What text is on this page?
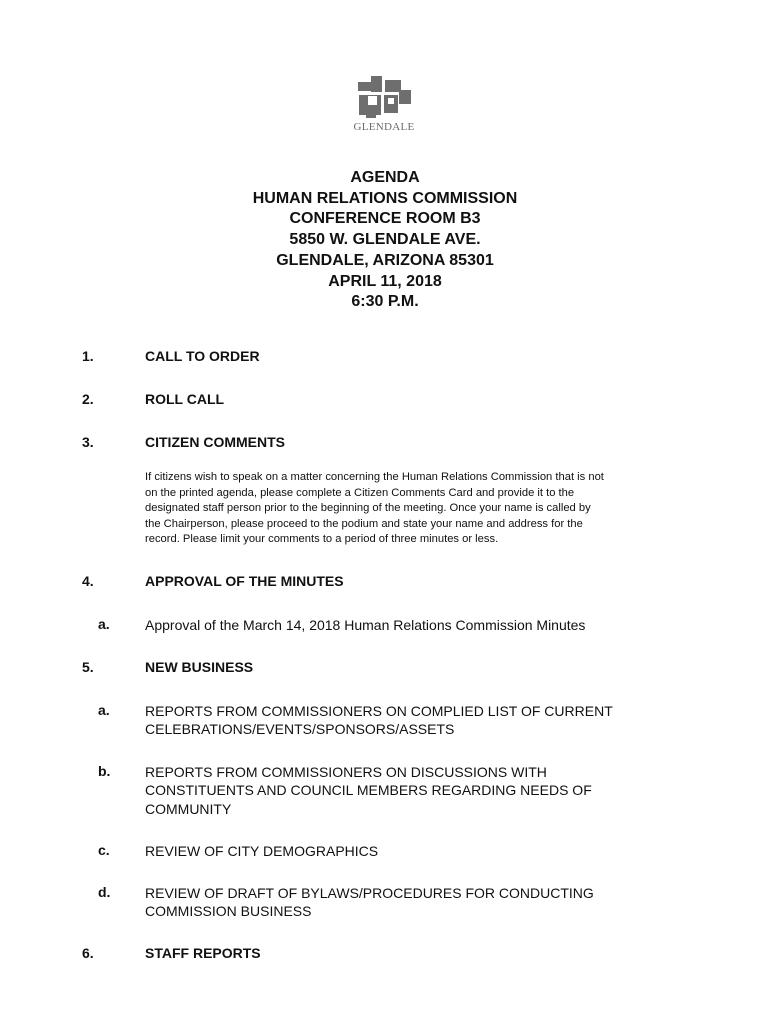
GLENDALE
AGENDA
HUMAN RELATIONS COMMISSION
CONFERENCE ROOM B3
5850 W. GLENDALE AVE.
GLENDALE, ARIZONA 85301
APRIL 11, 2018
6:30 P.M.
1.	CALL TO ORDER
2.	ROLL CALL
3.	CITIZEN COMMENTS
If citizens wish to speak on a matter concerning the Human Relations Commission that is not
on the printed agenda, please complete a Citizen Comments Card and provide it to the
designated staff person prior to the beginning of the meeting. Once your name is called by
the Chairperson, please proceed to the podium and state your name and address for the
record. Please limit your comments to a period of three minutes or less.
4.	APPROVAL OF THE MINUTES
a.	Approval of the March 14, 2018 Human Relations Commission Minutes
5.	NEW BUSINESS
a.	REPORTS FROM COMMISSIONERS ON COMPLIED LIST OF CURRENT
CELEBRATIONS/EVENTS/SPONSORS/ASSETS
b. REPORTS FROM COMMISSIONERS ON DISCUSSIONS WITH
CONSTITUENTS AND COUNCIL MEMBERS REGARDING NEEDS OF
COMMUNITY
c.	REVIEW OF CITY DEMOGRAPHICS
d. REVIEW OF DRAFT OF BYLAWS/PROCEDURES FOR CONDUCTING
COMMISSION BUSINESS
6.	STAFF REPORTS
